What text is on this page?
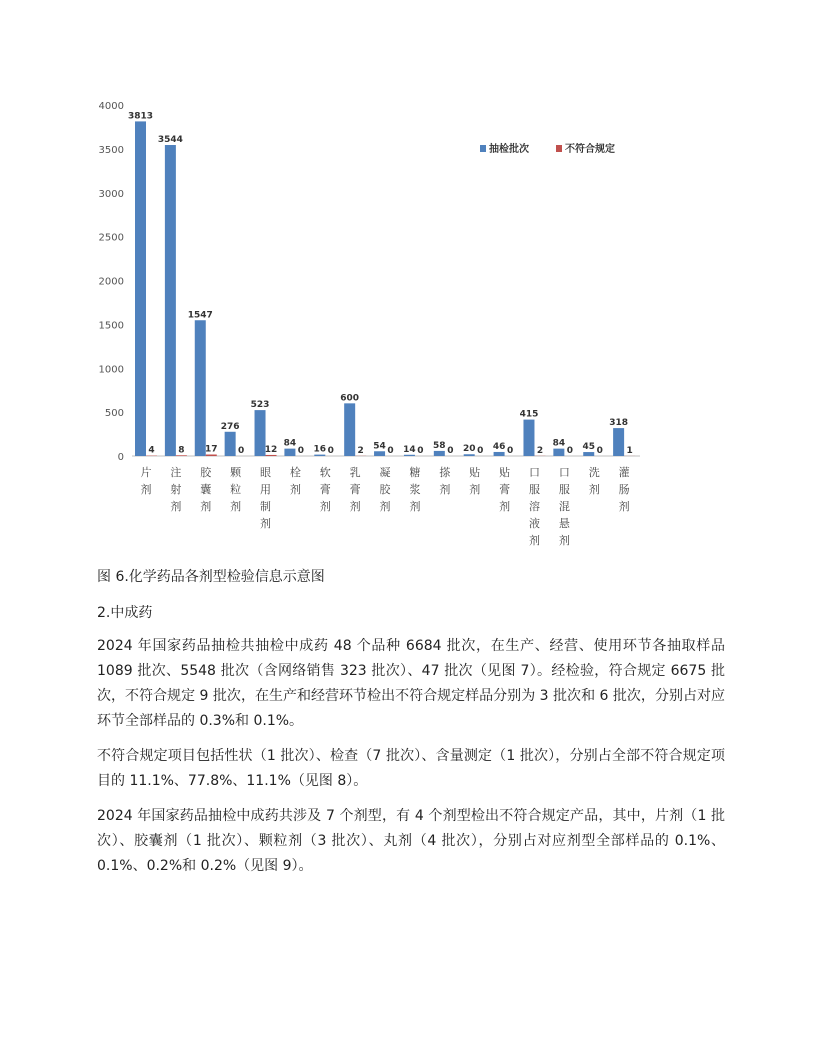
0
500
1000
1500
2000
2500
3000
3500
4000
3813
4
3544
8
1547
17
276
0
523
12
84
0 16 0
600
2 54 0 14 0
58
0 20 0 46 0
415
2
84
0 45 0
318
1
片剂
注射剂
胶囊剂
颗粒剂
眼用制剂
栓剂
软膏剂
乳膏剂
凝胶剂
糖浆剂
搽剂
贴剂
贴膏剂
口服溶液剂
口服混悬剂
洗剂
灌肠剂
抽检批次	不符合规定
图 6.化学药品各剂型检验信息示意图
2.中成药

2024 年国家药品抽检共抽检中成药 48 个品种 6684 批次，在生产、经营、使用环节各抽取样品 1089 批次、5548 批次（含网络销售 323 批次）、47 批次（见图 7）。经检验，符合规定 6675 批次，不符合规定 9 批次，在生产和经营环节检出不符合规定样品分别为 3 批次和 6 批次，分别占对应环节全部样品的 0.3%和 0.1%。

不符合规定项目包括性状（1 批次）、检查（7 批次）、含量测定（1 批次），分别占全部不符合规定项目的 11.1%、77.8%、11.1%（见图 8）。

2024 年国家药品抽检中成药共涉及 7 个剂型，有 4 个剂型检出不符合规定产品，其中，片剂（1 批次）、胶囊剂（1 批次）、颗粒剂（3 批次）、丸剂（4 批次），分别占对应剂型全部样品的 0.1%、0.1%、0.2%和 0.2%（见图 9）。
